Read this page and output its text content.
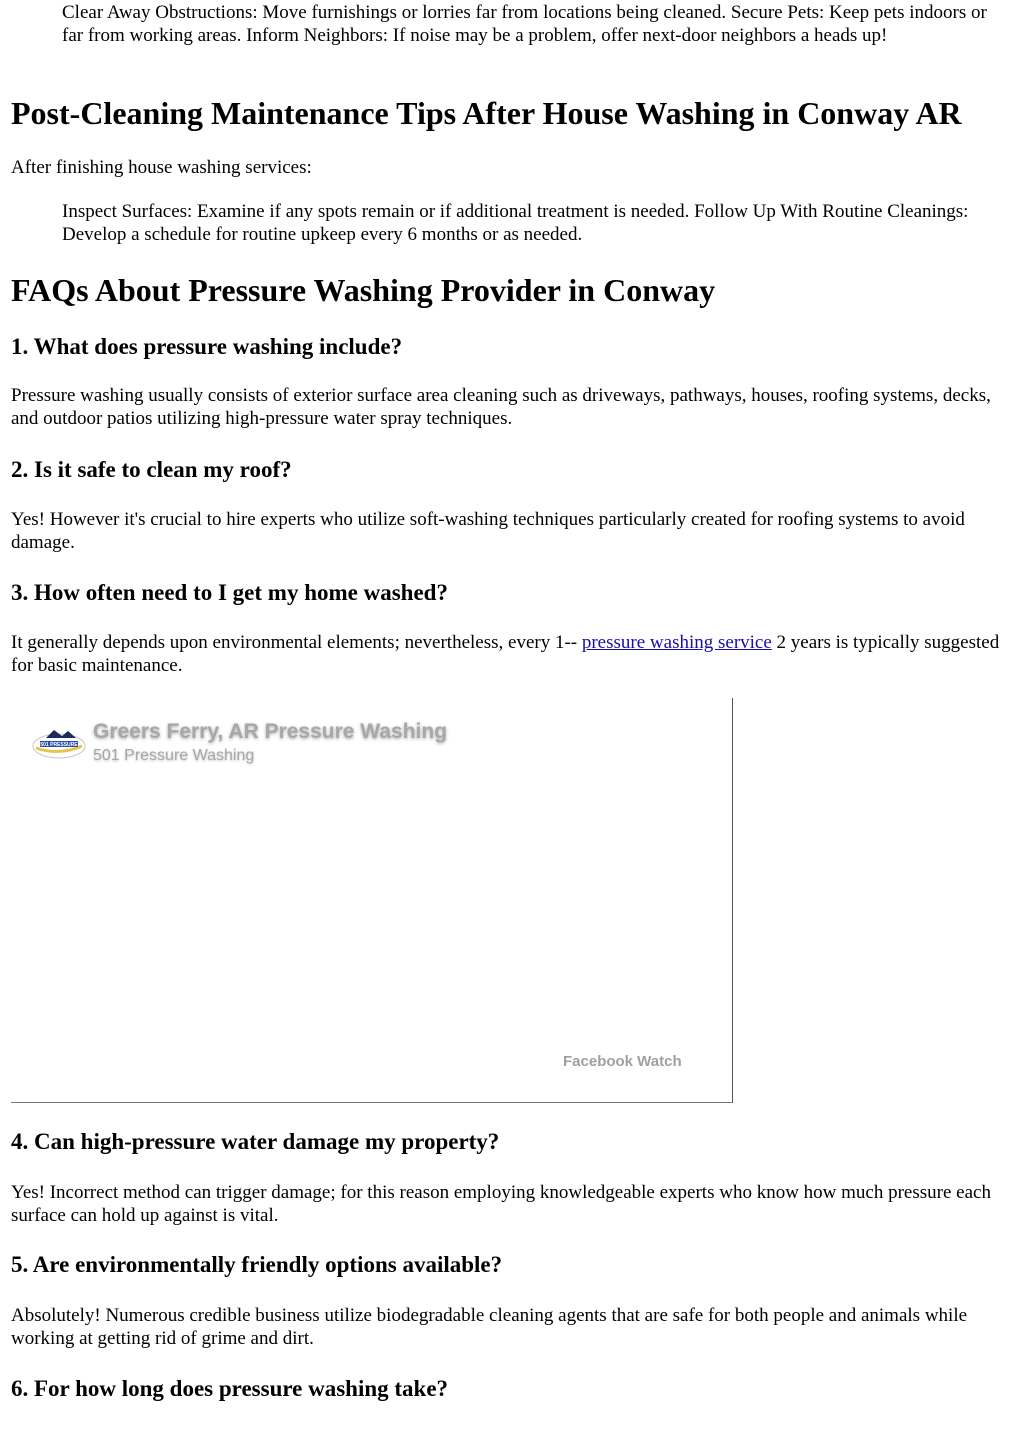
Clear Away Obstructions: Move furnishings or lorries far from locations being cleaned. Secure Pets: Keep pets indoors or far from working areas. Inform Neighbors: If noise may be a problem, offer next-door neighbors a heads up!

Post-Cleaning Maintenance Tips After House Washing in Conway AR

After finishing house washing services:

Inspect Surfaces: Examine if any spots remain or if additional treatment is needed. Follow Up With Routine Cleanings: Develop a schedule for routine upkeep every 6 months or as needed.

FAQs About Pressure Washing Provider in Conway
1. What does pressure washing include?

Pressure washing usually consists of exterior surface area cleaning such as driveways, pathways, houses, roofing systems, decks, and outdoor patios utilizing high-pressure water spray techniques.

2. Is it safe to clean my roof?

Yes! However it's crucial to hire experts who utilize soft-washing techniques particularly created for roofing systems to avoid damage.

3. How often need to I get my home washed?

It generally depends upon environmental elements; nevertheless, every 1-- pressure washing service 2 years is typically suggested for basic maintenance.

4. Can high-pressure water damage my property?

Yes! Incorrect method can trigger damage; for this reason employing knowledgeable experts who know how much pressure each surface can hold up against is vital.

5. Are environmentally friendly options available?

Absolutely! Numerous credible business utilize biodegradable cleaning agents that are safe for both people and animals while working at getting rid of grime and dirt.

6. For how long does pressure washing take?
501 PRESSURE
Greers Ferry, AR Pressure Washing
501 Pressure Washing
Facebook Watch
